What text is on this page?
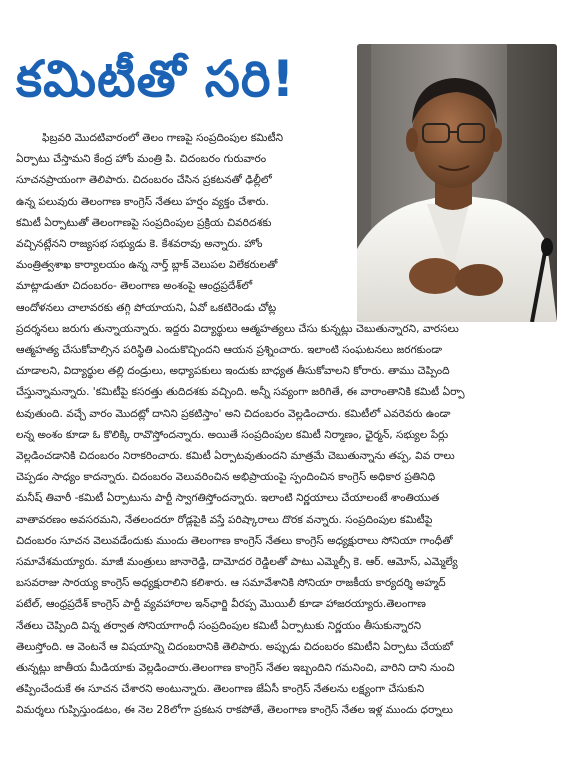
కమిటీతో సరి!
ఫిబ్రవరి మొదటివారంలో తెలం గాణపై సంప్రదింపుల కమిటీని
ఏర్పాటు చేస్తామని కేంద్ర హోం మంత్రి పి. చిదంబరం గురువారం
సూచనప్రాయంగా తెలిపారు. చిదంబరం చేసిన ప్రకటనతో ఢిల్లీలో
ఉన్న పలువురు తెలంగాణ కాంగ్రెస్ నేతలు హర్షం వ్యక్తం చేశారు.
కమిటీ ఏర్పాటుతో తెలంగాణపై సంప్రదింపుల ప్రక్రియ చివరిదశకు
వచ్చినట్లేనని రాజ్యసభ సభ్యుడు కె. కేశవరావు అన్నారు. హోం
మంత్రిత్వశాఖ కార్యాలయం ఉన్న నార్త్ బ్లాక్ వెలుపల విలేకరులతో
మాట్లాడుతూ చిదంబరం- తెలంగాణ అంశంపై ఆంధ్రప్రదేశ్‌లో
ఆందోళనలు చాలావరకు తగ్గి పోయాయని, ఏవో ఒకటిరెండు చోట్ల
ప్రదర్శనలు జరుగు తున్నాయన్నారు. ఇద్దరు విద్యార్థులు ఆత్మహత్యలు చేసు కున్నట్లు చెబుతున్నారని, వారసలు
ఆత్మహత్య చేసుకోవాల్సిన పరిస్థితి ఎందుకొచ్చిందని ఆయన ప్రశ్నించారు. ఇలాంటి సంఘటనలు జరగకుండా
చూడాలని, విద్యార్థుల తల్లి దండ్రులు, అధ్యాపకులు ఇందుకు బాధ్యత తీసుకోవాలని కోరారు. తాము చెప్పింది
చేస్తున్నామన్నారు. 'కమిటీపై కసరత్తు తుదిదశకు వచ్చింది. అన్నీ సవ్యంగా జరిగితే, ఈ వారాంతానికి కమిటీ ఏర్పా
టవుతుంది. వచ్చే వారం మొదట్లో దానిని ప్రకటిస్తాం' అని చిదంబరం వెల్లడించారు. కమిటీలో ఎవరెవరు ఉండా
లన్న అంశం కూడా ఓ కొలిక్కి రావొస్తోందన్నారు. అయితే సంప్రదింపుల కమిటీ నిర్మాణం, ఛైర్మన్, సభ్యుల పేర్లు
వెల్లడించడానికి చిదంబరం నిరాకరించారు. కమిటీ ఏర్పాటవుతుందని మాత్రమే చెబుతున్నాను తప్ప, వివ రాలు
చెప్పడం సాధ్యం కాదన్నారు. చిదంబరం వెలువరించిన అభిప్రాయంపై స్పందించిన కాంగ్రెస్ అధికార ప్రతినిధి
మనీష్ తివారీ -కమిటీ ఏర్పాటును పార్టీ స్వాగతిస్తోందన్నారు. ఇలాంటి నిర్ణయాలు చేయాలంటే శాంతియుత
వాతావరణం అవసరమని, నేతలందరూ రోడ్లపైకి వస్తే పరిష్కారాలు దొరక వన్నారు. సంప్రదింపుల కమిటీపై
చిదంబరం సూచన వెలువడేందుకు ముందు తెలంగాణ కాంగ్రెస్ నేతలు కాంగ్రెస్ అధ్యక్షురాలు సోనియా గాంధీతో
సమావేశమయ్యారు. మాజీ మంత్రులు జానారెడ్డి, దామోదర రెడ్డిలతో పాటు ఎమ్మెల్సీ కె. ఆర్. ఆమోస్, ఎమ్మెల్యే
బసవరాజు సారయ్య కాంగ్రెస్ అధ్యక్షురాలిని కలిశారు. ఆ సమావేశానికి సోనియా రాజకీయ కార్యదర్శి అహ్మద్
పటేల్, ఆంధ్రప్రదేశ్ కాంగ్రెస్ పార్టీ వ్యవహారాల ఇన్‌ఛార్జి వీరప్ప మొయిలీ కూడా హాజరయ్యారు.తెలంగాణ
నేతలు చెప్పింది విన్న తర్వాత సోనియాగాంధీ సంప్రదింపుల కమిటీ ఏర్పాటుకు నిర్ణయం తీసుకున్నారని
తెలుస్తోంది. ఆ వెంటనే ఆ విషయాన్ని చిదంబరానికి తెలిపారు. అప్పుడు చిదంబరం కమిటీని ఏర్పాటు చేయబో
తున్నట్లు జాతీయ మీడియాకు వెల్లడించారు.తెలంగాణ కాంగ్రెస్ నేతల ఇబ్బందిని గమనించి, వారిని దాని నుంచి
తప్పించేందుకే ఈ సూచన చేశారని అంటున్నారు. తెలంగాణ జేఏసీ కాంగ్రెస్ నేతలను లక్ష్యంగా చేసుకుని
విమర్శలు గుప్పిస్తుండటం, ఈ నెల 28లోగా ప్రకటన రాకపోతే, తెలంగాణ కాంగ్రెస్ నేతల ఇళ్ల ముందు ధర్నాలు
